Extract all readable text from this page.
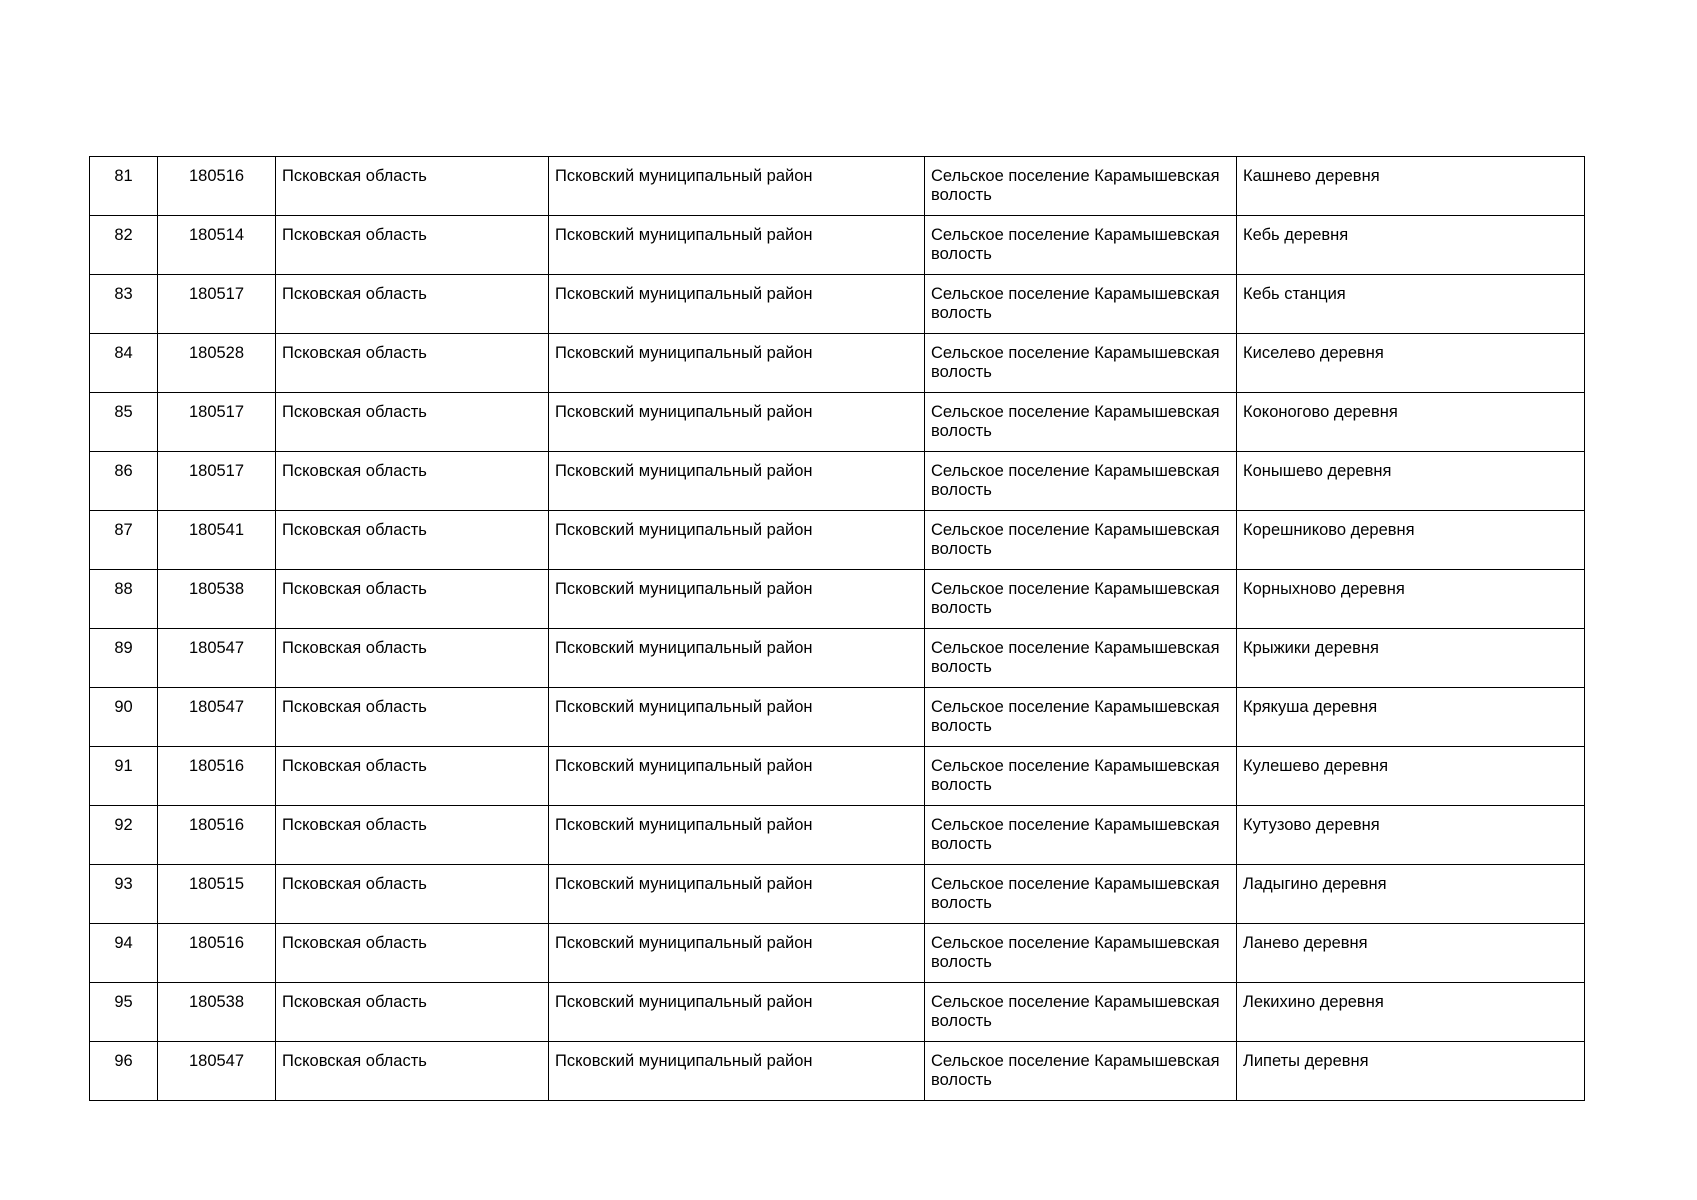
81	180516	Псковская область	Псковский муниципальный район	Сельское поселение Карамышевская волость	Кашнево деревня
82	180514	Псковская область	Псковский муниципальный район	Сельское поселение Карамышевская волость	Кебь деревня
83	180517	Псковская область	Псковский муниципальный район	Сельское поселение Карамышевская волость	Кебь станция
84	180528	Псковская область	Псковский муниципальный район	Сельское поселение Карамышевская волость	Киселево деревня
85	180517	Псковская область	Псковский муниципальный район	Сельское поселение Карамышевская волость	Коконогово деревня
86	180517	Псковская область	Псковский муниципальный район	Сельское поселение Карамышевская волость	Конышево деревня
87	180541	Псковская область	Псковский муниципальный район	Сельское поселение Карамышевская волость	Корешниково деревня
88	180538	Псковская область	Псковский муниципальный район	Сельское поселение Карамышевская волость	Корныхново деревня
89	180547	Псковская область	Псковский муниципальный район	Сельское поселение Карамышевская волость	Крыжики деревня
90	180547	Псковская область	Псковский муниципальный район	Сельское поселение Карамышевская волость	Крякуша деревня
91	180516	Псковская область	Псковский муниципальный район	Сельское поселение Карамышевская волость	Кулешево деревня
92	180516	Псковская область	Псковский муниципальный район	Сельское поселение Карамышевская волость	Кутузово деревня
93	180515	Псковская область	Псковский муниципальный район	Сельское поселение Карамышевская волость	Ладыгино деревня
94	180516	Псковская область	Псковский муниципальный район	Сельское поселение Карамышевская волость	Ланево деревня
95	180538	Псковская область	Псковский муниципальный район	Сельское поселение Карамышевская волость	Лекихино деревня
96	180547	Псковская область	Псковский муниципальный район	Сельское поселение Карамышевская волость	Липеты деревня
